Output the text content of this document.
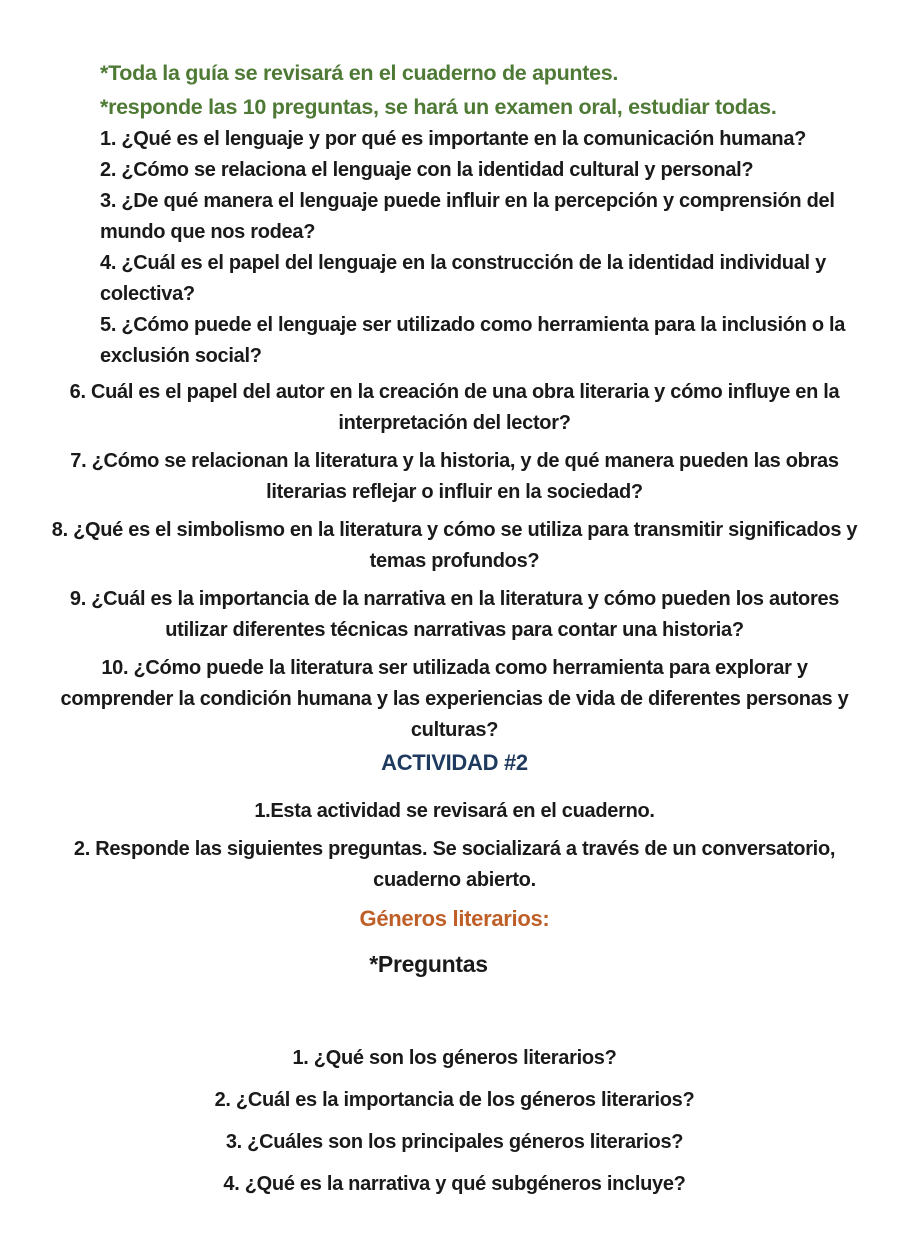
*Toda la guía se revisará en el cuaderno de apuntes.
*responde las 10 preguntas, se hará un examen oral, estudiar todas.
1. ¿Qué es el lenguaje y por qué es importante en la comunicación humana?
2. ¿Cómo se relaciona el lenguaje con la identidad cultural y personal?
3. ¿De qué manera el lenguaje puede influir en la percepción y comprensión del
mundo que nos rodea?
4. ¿Cuál es el papel del lenguaje en la construcción de la identidad individual y
colectiva?
5. ¿Cómo puede el lenguaje ser utilizado como herramienta para la inclusión o la
exclusión social?

6. Cuál es el papel del autor en la creación de una obra literaria y cómo influye en la
interpretación del lector?

7. ¿Cómo se relacionan la literatura y la historia, y de qué manera pueden las obras
literarias reflejar o influir en la sociedad?

8. ¿Qué es el simbolismo en la literatura y cómo se utiliza para transmitir significados y
temas profundos?

9. ¿Cuál es la importancia de la narrativa en la literatura y cómo pueden los autores
utilizar diferentes técnicas narrativas para contar una historia?

10. ¿Cómo puede la literatura ser utilizada como herramienta para explorar y
comprender la condición humana y las experiencias de vida de diferentes personas y
culturas?

ACTIVIDAD #2

1.Esta actividad se revisará en el cuaderno.

2. Responde las siguientes preguntas. Se socializará a través de un conversatorio,
cuaderno abierto.

Géneros literarios:
*Preguntas
1. ¿Qué son los géneros literarios?
2. ¿Cuál es la importancia de los géneros literarios?
3. ¿Cuáles son los principales géneros literarios?
4. ¿Qué es la narrativa y qué subgéneros incluye?
